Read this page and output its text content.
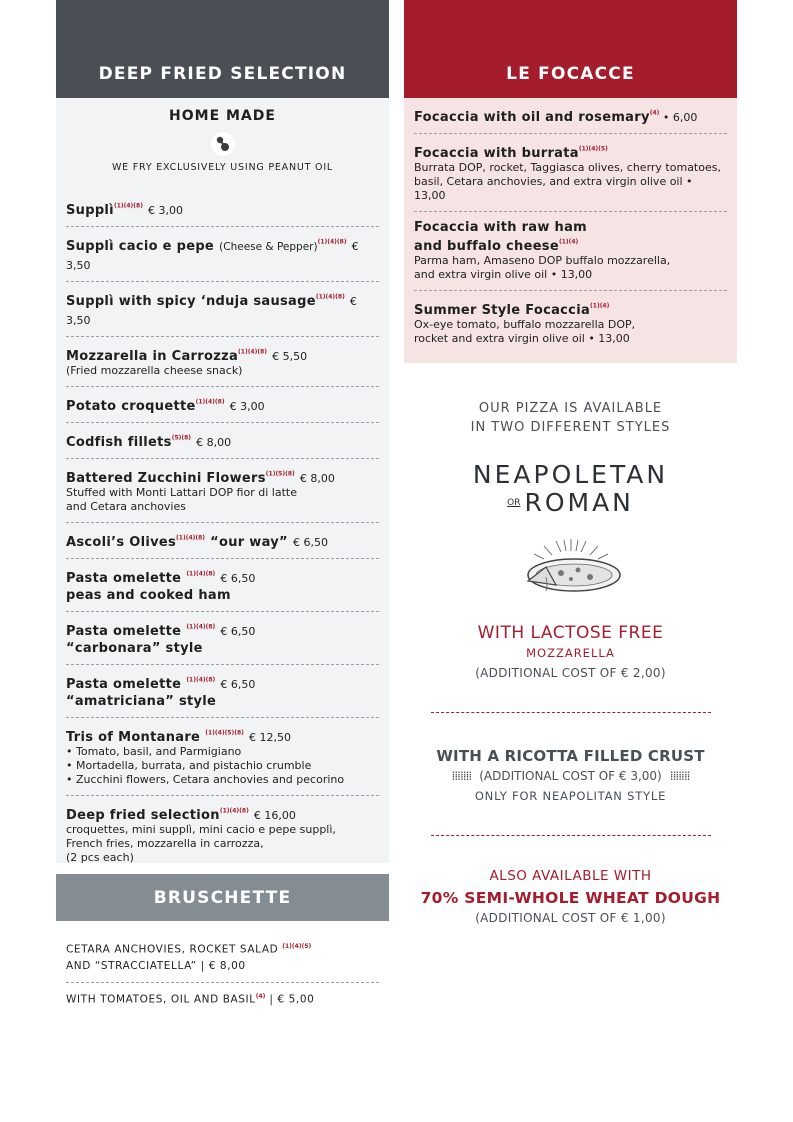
DEEP FRIED SELECTION
HOME MADE
WE FRY EXCLUSIVELY USING PEANUT OIL
Supplì$^{(1)(4)(8)}$ € 3,00
Supplì cacio e pepe (Cheese & Pepper)$^{(1)(4)(8)}$ € 3,50
Supplì with spicy ‘nduja sausage$^{(1)(4)(8)}$ € 3,50
Mozzarella in Carrozza$^{(1)(4)(8)}$ € 5,50
(Fried mozzarella cheese snack)
Potato croquette$^{(1)(4)(8)}$ € 3,00
Codfish fillets$^{(5)(8)}$ € 8,00
Battered Zucchini Flowers$^{(1)(5)(8)}$ € 8,00
Stuffed with Monti Lattari DOP fior di latte
and Cetara anchovies
Ascoli’s Olives$^{(1)(4)(8)}$ “our way” € 6,50
Pasta omelette $^{(1)(4)(8)}$ € 6,50
peas and cooked ham
Pasta omelette $^{(1)(4)(8)}$ € 6,50
“carbonara” style
Pasta omelette $^{(1)(4)(8)}$ € 6,50
“amatriciana” style
Tris of Montanare $^{(1)(4)(5)(8)}$ € 12,50
• Tomato, basil, and Parmigiano
• Mortadella, burrata, and pistachio crumble
• Zucchini flowers, Cetara anchovies and pecorino
Deep fried selection$^{(1)(4)(8)}$ € 16,00
croquettes, mini supplì, mini cacio e pepe supplì,
French fries, mozzarella in carrozza,
(2 pcs each)
BRUSCHETTE
CETARA ANCHOVIES, ROCKET SALAD $^{(1)(4)(5)}$
AND “STRACCIATELLA” | € 8,00
WITH TOMATOES, OIL AND BASIL$^{(4)}$ | € 5,00
LE FOCACCE
Focaccia with oil and rosemary$^{(4)}$ • 6,00
Focaccia with burrata$^{(1)(4)(5)}$
Burrata DOP, rocket, Taggiasca olives, cherry tomatoes,
basil, Cetara anchovies, and extra virgin olive oil • 13,00
Focaccia with raw ham
and buffalo cheese$^{(1)(4)}$
Parma ham, Amaseno DOP buffalo mozzarella,
and extra virgin olive oil • 13,00
Summer Style Focaccia$^{(1)(4)}$
Ox-eye tomato, buffalo mozzarella DOP,
rocket and extra virgin olive oil • 13,00
OUR PIZZA IS AVAILABLE
IN TWO DIFFERENT STYLES
NEAPOLETAN
OR ROMAN
WITH LACTOSE FREE
MOZZARELLA
(ADDITIONAL COST OF € 2,00)
WITH A RICOTTA FILLED CRUST
⁞⁞⁞⁞⁞⁞⁞ (ADDITIONAL COST OF € 3,00) ⁞⁞⁞⁞⁞⁞⁞
ONLY FOR NEAPOLITAN STYLE
ALSO AVAILABLE WITH
70% SEMI-WHOLE WHEAT DOUGH
(ADDITIONAL COST OF € 1,00)
